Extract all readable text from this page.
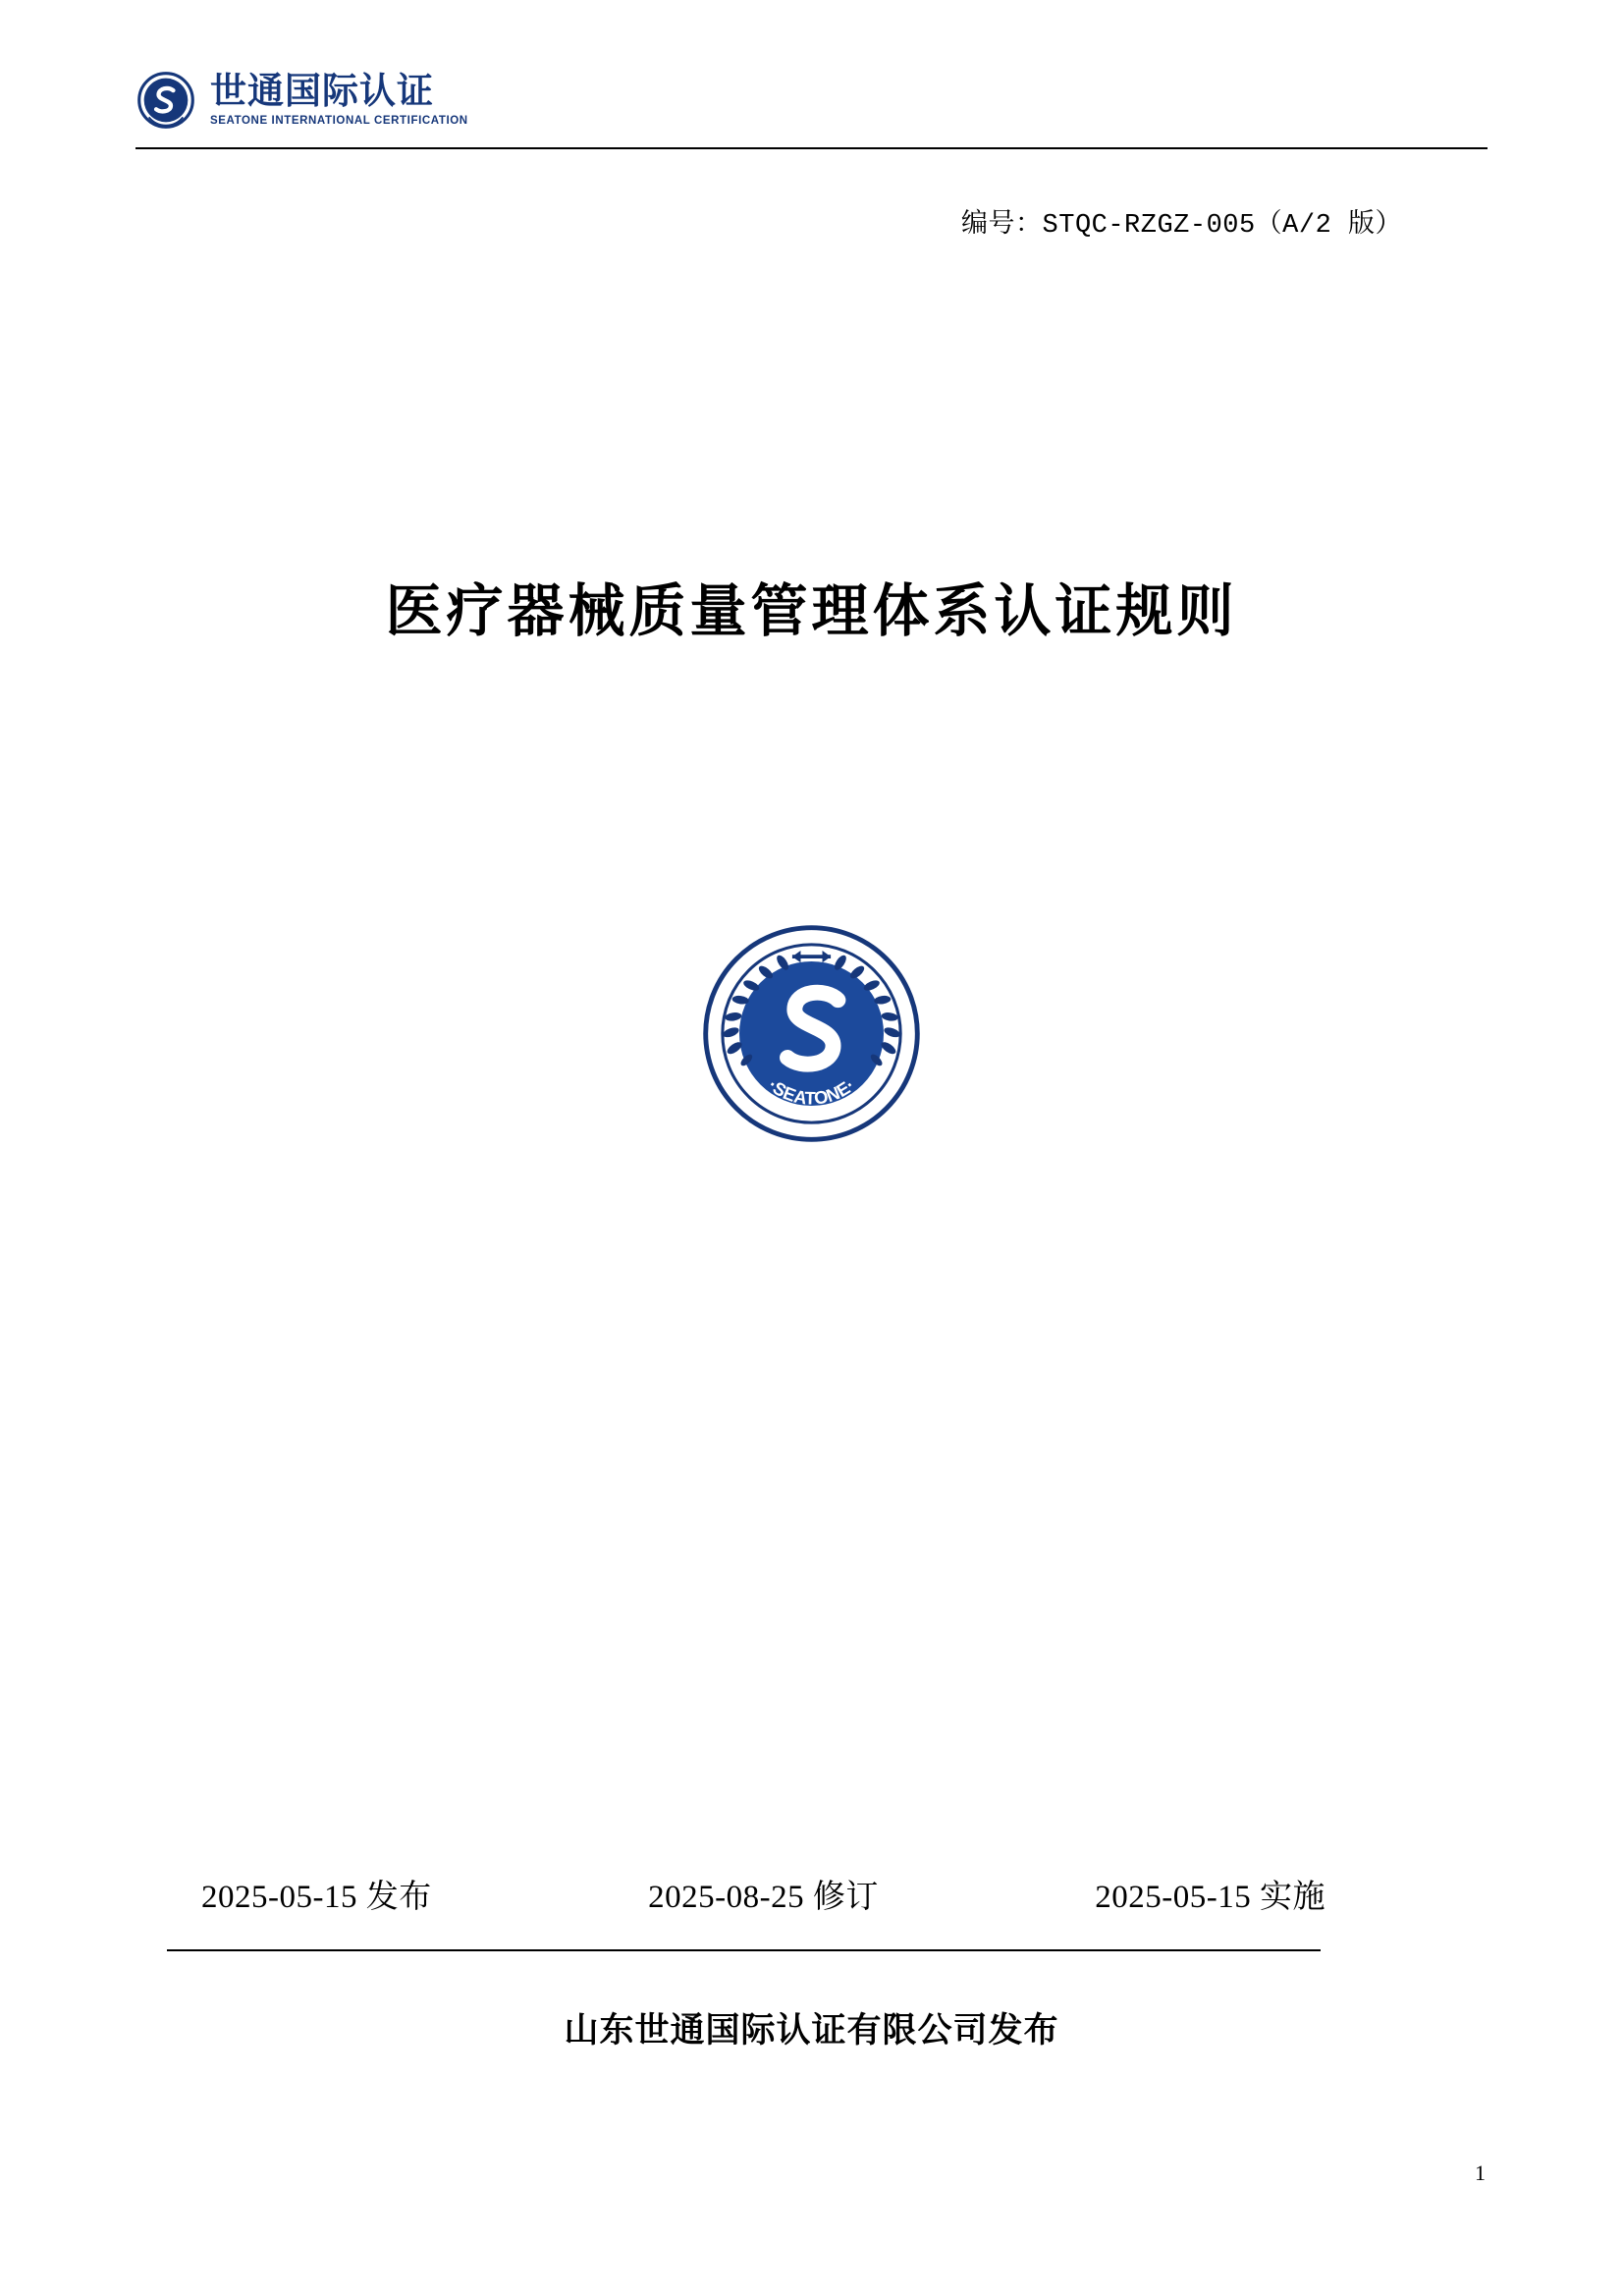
世通国际认证
SEATONE INTERNATIONAL CERTIFICATION
编号：STQC-RZGZ-005（A/2 版）
医疗器械质量管理体系认证规则
·SEATONE·
2025-05-15 发布	2025-08-25 修订	2025-05-15 实施
山东世通国际认证有限公司发布
1
